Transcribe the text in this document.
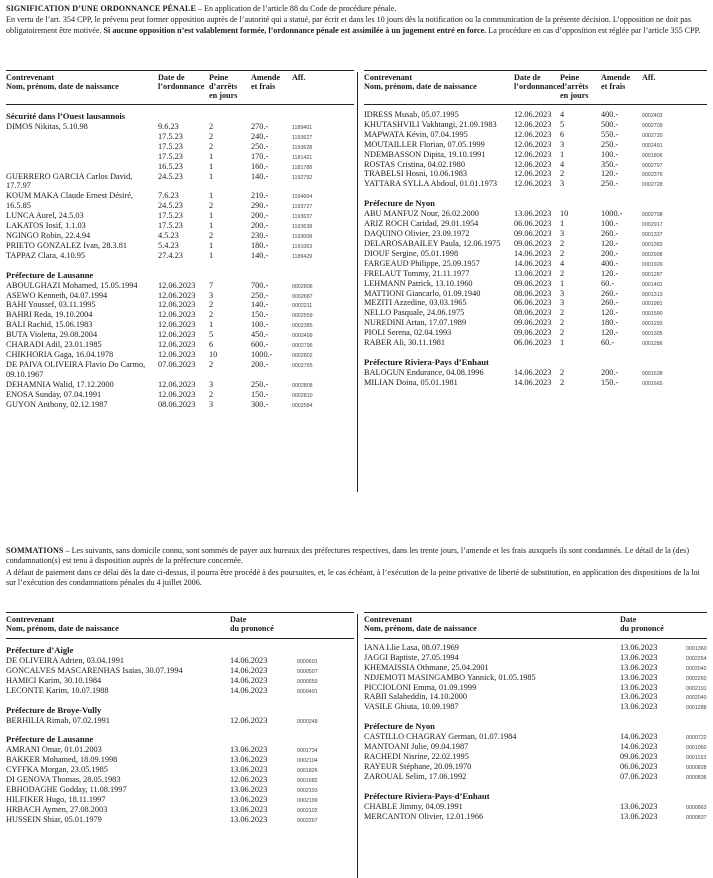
SIGNIFICATION D’UNE ORDONNANCE PÉNALE – En application de l’article 88 du Code de procédure pénale.

En vertu de l’art. 354 CPP, le prévenu peut former opposition auprès de l’autorité qui a statué, par écrit et dans les 10 jours dès la notification ou la communication de la présente décision. L’opposition ne doit pas obligatoirement être motivée. Si aucune opposition n’est valablement formée, l’ordonnance pénale est assimilée à un jugement entré en force. La procédure en cas d’opposition est réglée par l’article 355 CPP.

Contrevenant
Nom, prénom, date de naissance
Date de
l’ordonnance
Peine
d’arrêts
en jours
Amende
et frais
Aff.
Sécurité dans l’Ouest lausannois
DIMOS Nikitas, 5.10.98	9.6.23	2	270.-	1189401
17.5.23	2	240.-	1193627
17.5.23	2	250.-	1193628
17.5.23	1	170.-	1181421
16.5.23	1	160.-	1181788
GUERRERO GARCIA Carlos David, 17.7.97
24.5.23	1	140.-	1192792
KOUM MAKA Claude Ernest Désiré, 16.5.85
7.6.23	1	210.-	1194604
24.5.23	2	290.-	1193727
LUNCA Aurel, 24.5.03	17.5.23	1	200.-	1193637
LAKATOS Iosif, 1.1.03	17.5.23	1	200.-	1193638
NGINGO Robin, 22.4.94	4.5.23	2	230.-	1193008
PRIETO GONZALEZ Ivan, 28.3.81	5.4.23	1	180.-	1191063
TAPPAZ Clara, 4.10.95	27.4.23	1	140.-	1189429
Préfecture de Lausanne
ABOULGHAZI Mohamed, 15.05.1994	12.06.2023 7	700.-	0002806
ASEWO Kenneth, 04.07.1994	12.06.2023 3	250.-	0002687
BAHI Youssef, 03.11.1995	12.06.2023 2	140.-	0002211
BAHRI Reda, 19.10.2004	12.06.2023 2	150.-	0002559
BALI Rachid, 15.06.1983	12.06.2023 1	100.-	0002385
BUTA Violetta, 29.08.2004	12.06.2023 5	450.-	0002499
CHARADI Adil, 23.01.1985	12.06.2023 6	600.-	0002796
CHIKHORIA Gaga, 16.04.1978	12.06.2023 10	1000.-	0002802
DE PAIVA OLIVEIRA Flavio Do Carmo, 09.10.1967
07.06.2023 2	200.-	0002765
DEHAMNIA Walid, 17.12.2000	12.06.2023 3	250.-	0002808
ENOSA Sunday, 07.04.1991	12.06.2023 2	150.-	0002810
GUYON Anthony, 02.12.1987	08.06.2023 3	300.-	0002584
Contrevenant
Nom, prénom, date de naissance
Date de
l’ordonnance
Peine
d’arrêts
en jours
Amende
et frais
Aff.
IDRESS Musab, 05.07.1995	12.06.2023 4	400.-	0002403
KHUTASHVILI Vakhtangi, 21.09.1983	12.06.2023 5	500.-	0002709
MAPWATA Kévin, 07.04.1995	12.06.2023 6	550.-	0002720
MOUTAILLER Florian, 07.05.1999	12.06.2023 3	250.-	0002491
NDEMBASSON Dipita, 19.10.1991	12.06.2023 1	100.-	0001806
ROSTAS Cristina, 04.02.1980	12.06.2023 4	350.-	0002797
TRABELSI Hosni, 10.06.1983	12.06.2023 2	120.-	0002376
YATTARA SYLLA Abdoul, 01.01.1973	12.06.2023 3	250.-	0002728
Préfecture de Nyon
ABU MANFUZ Nour, 26.02.2000	13.06.2023 10	1000.-	0002708
ARIZ ROCH Caridad, 29.01.1954	06.06.2023 1	100.-	0002917
DAQUINO Olivier, 23.09.1972	09.06.2023 3	260.-	0001337
DELAROSABAILEY Paula, 12.06.1975	09.06.2023 2	120.-	0001383
DIOUF Sergine, 05.01.1998	14.06.2023 2	200.-	0002908
FARGEAUD Philippe, 25.09.1957	14.06.2023 4	400.-	0001926
FRELAUT Tommy, 21.11.1977	13.06.2023 2	120.-	0001287
LEHMANN Patrick, 13.10.1960	09.06.2023 1	60.-	0001401
MATTIONI Giancarlo, 01.09.1940	08.06.2023 3	260.-	0001313
MEZITI Azzedine, 03.03.1965	06.06.2023 3	260.-	0001981
NELLO Pasquale, 24.06.1975	08.06.2023 2	120.-	0001590
NUREDINI Artan, 17.07.1989	09.06.2023 2	180.-	0001293
PIOLI Serena, 02.04.1993	09.06.2023 2	120.-	0001305
RABER Ali, 30.11.1981	06.06.2023 1	60.-	0001286
Préfecture Riviera-Pays d’Enhaut
BALOGUN Endurance, 04.08.1996	14.06.2023 2	200.-	0001638
MILIAN Doina, 05.01.1981	14.06.2023 2	150.-	0001665

SOMMATIONS – Les suivants, sans domicile connu, sont sommés de payer aux bureaux des préfectures respectives, dans les trente jours, l’amende et les frais auxquels ils sont condamnés. Le détail de la (des) condamnation(s) est tenu à disposition auprès de la préfecture concernée.

A défaut de paiement dans ce délai dès la date ci-dessus, il pourra être procédé à des poursuites, et, le cas échéant, à l’exécution de la peine privative de liberté de substitution, en application des dispositions de la loi sur l’exécution des condamnations pénales du 4 juillet 2006.

Contrevenant
Nom, prénom, date de naissance
Date
du prononcé
Préfecture d’Aigle
DE OLIVEIRA Adrien, 03.04.1991	14.06.2023	0000691
GONCALVES MASCARENHAS Isaias, 30.07.1994	14.06.2023	0000507
HAMICI Karim, 30.10.1984	14.06.2023	0000559
LECONTE Karim, 10.07.1988	14.06.2023	0000491
Préfecture de Broye-Vully
BERHILIA Rimah, 07.02.1991	12.06.2023	0000248
Préfecture de Lausanne
AMRANI Omar, 01.01.2003	13.06.2023	0001734
BAKKER Mohamed, 18.09.1998	13.06.2023	0002104
CYFFKA Morgan, 23.05.1985	13.06.2023	0001826
DI GENOVA Thomas, 28.05.1983	12.06.2023	0001682
EBHODAGHE Godday, 11.08.1997	13.06.2023	0002193
HILFIKER Hugo, 18.11.1997	13.06.2023	0002199
HRBACH Aymen, 27.08.2003	13.06.2023	0002102
HUSSEIN Shiar, 05.01.1979	13.06.2023	0002267
Contrevenant
Nom, prénom, date de naissance
Date
du prononcé
IANA Llie Lasa, 08.07.1969	13.06.2023	0001360
JAGGI Baptiste, 27.05.1994	13.06.2023	0002264
KHEMAISSIA Othmane, 25.04.2001	13.06.2023	0002042
NDJEMOTI MASINGAMBO Yannick, 01.05.1985	13.06.2023	0002260
PICCIOLONI Emma, 01.09.1999	13.06.2023	0002191
RABII Salaheddin, 14.10.2000	13.06.2023	0002040
VASILE Ghiuta, 10.09.1987	13.06.2023	0001288
Préfecture de Nyon
CASTILLO CHAGRAY German, 01.07.1984	14.06.2023	0000722
MANTOANI Julie, 09.04.1987	14.06.2023	0001050
RACHEDI Nisrine, 22.02.1995	09.06.2023	0001153
RAYEUR Stéphane, 20.09.1970	06.06.2023	0000828
ZAROUAL Selim, 17.06.1992	07.06.2023	0000836
Préfecture Riviera-Pays-d’Enhaut
CHABLE Jimmy, 04.09.1991	13.06.2023	0000863
MERCANTON Olivier, 12.01.1966	13.06.2023	0000837
